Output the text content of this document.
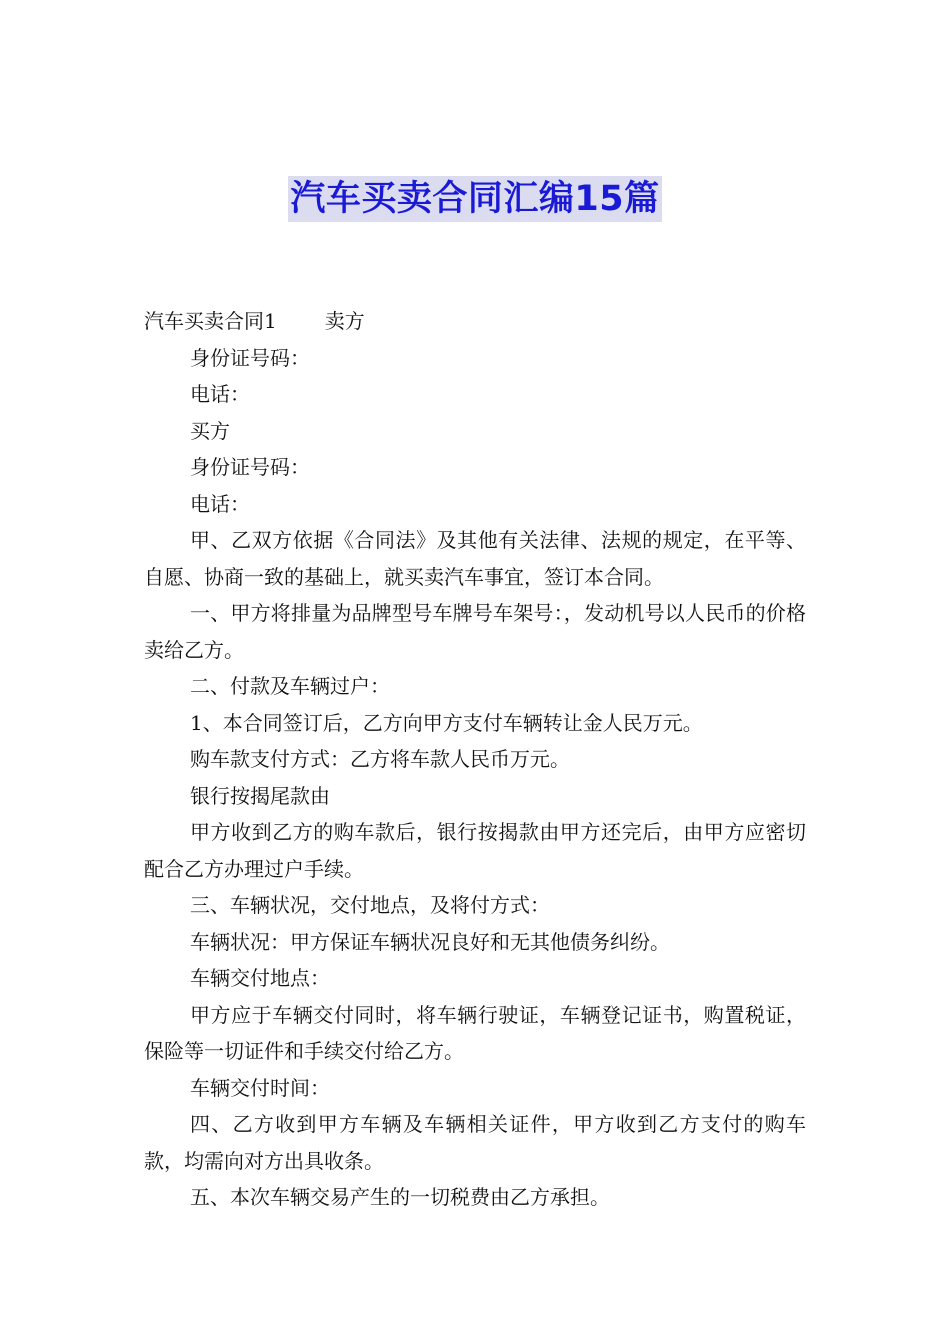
汽车买卖合同汇编15篇

汽车买卖合同1 卖方

身份证号码：

电话：

买方

身份证号码：

电话：

甲、乙双方依据《合同法》及其他有关法律、法规的规定，在平等、自愿、协商一致的基础上，就买卖汽车事宜，签订本合同。

一、甲方将排量为品牌型号车牌号车架号：，发动机号以人民币的价格卖给乙方。

二、付款及车辆过户：

1、本合同签订后，乙方向甲方支付车辆转让金人民万元。

购车款支付方式：乙方将车款人民币万元。

银行按揭尾款由

甲方收到乙方的购车款后，银行按揭款由甲方还完后，由甲方应密切配合乙方办理过户手续。

三、车辆状况，交付地点，及将付方式：

车辆状况：甲方保证车辆状况良好和无其他债务纠纷。

车辆交付地点：

甲方应于车辆交付同时，将车辆行驶证，车辆登记证书，购置税证，保险等一切证件和手续交付给乙方。

车辆交付时间：

四、乙方收到甲方车辆及车辆相关证件，甲方收到乙方支付的购车款，均需向对方出具收条。

五、本次车辆交易产生的一切税费由乙方承担。
